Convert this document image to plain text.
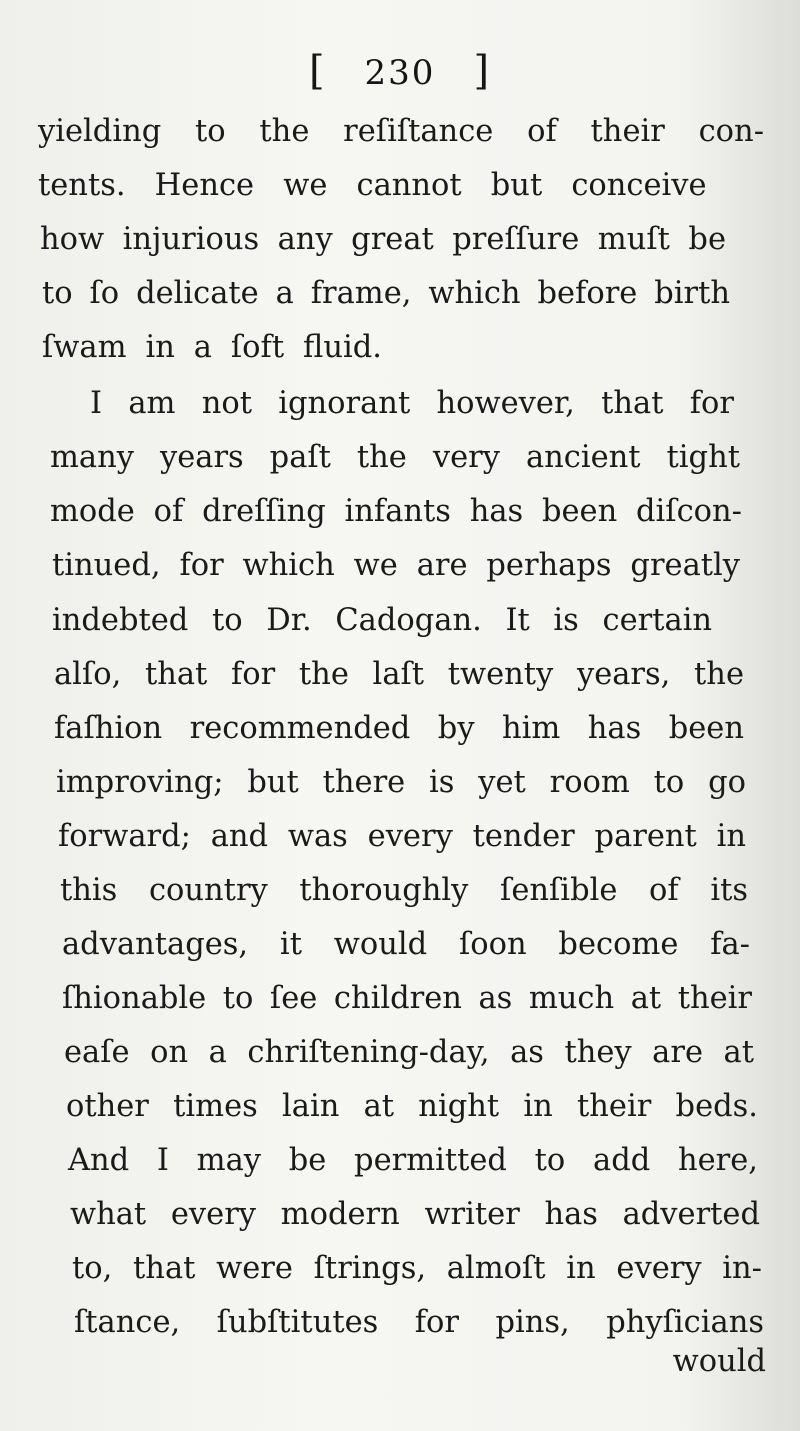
[ 230 ]
yielding to the reſiſtance of their con-
tents. Hence we cannot but conceive
how injurious any great preſſure muſt be
to ſo delicate a frame, which before birth
ſwam in a ſoft fluid.
I am not ignorant however, that for
many years paſt the very ancient tight
mode of dreſſing infants has been diſcon-
tinued, for which we are perhaps greatly
indebted to Dr. Cadogan. It is certain
alſo, that for the laſt twenty years, the
faſhion recommended by him has been
improving; but there is yet room to go
forward; and was every tender parent in
this country thoroughly ſenſible of its
advantages, it would ſoon become fa-
ſhionable to ſee children as much at their
eaſe on a chriſtening-day, as they are at
other times lain at night in their beds.
And I may be permitted to add here,
what every modern writer has adverted
to, that were ſtrings, almoſt in every in-
ſtance, ſubſtitutes for pins, phyſicians
would
